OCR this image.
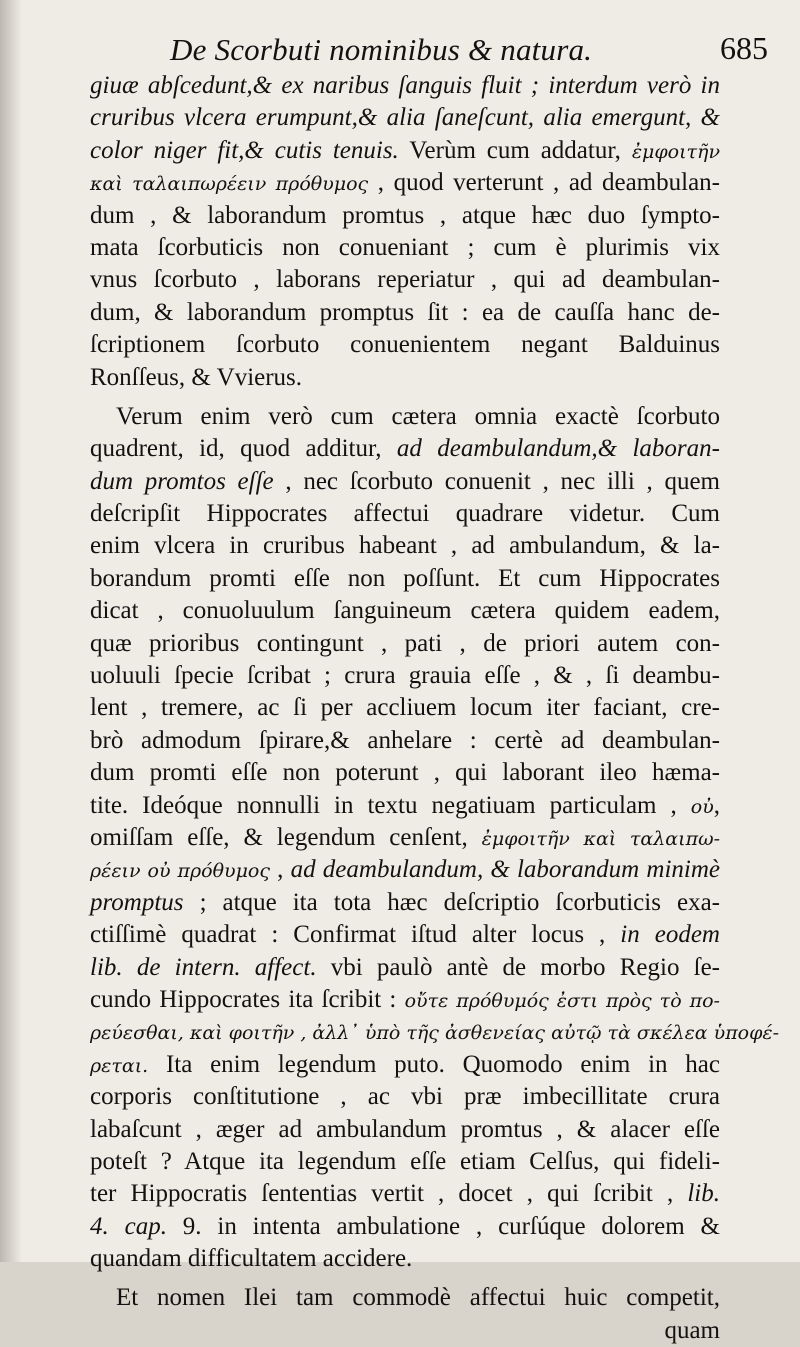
De Scorbuti nominibus & natura.	685
giuæ abſcedunt,& ex naribus ſanguis fluit ; interdum verò in
cruribus vlcera erumpunt,& alia ſaneſcunt, alia emergunt, &
color niger fit,& cutis tenuis. Verùm cum addatur, ἐμφοιτῆν
καὶ ταλαιπωρέειν πρόθυμος , quod verterunt , ad deambulan-
dum , & laborandum promtus , atque hæc duo ſympto-
mata ſcorbuticis non conueniant ; cum è plurimis vix
vnus ſcorbuto , laborans reperiatur , qui ad deambulan-
dum, & laborandum promptus ſit : ea de cauſſa hanc de-
ſcriptionem ſcorbuto conuenientem negant Balduinus
Ronſſeus, & Vvierus.
Verum enim verò cum cætera omnia exactè ſcorbuto
quadrent, id, quod additur, ad deambulandum,& laboran-
dum promtos eſſe , nec ſcorbuto conuenit , nec illi , quem
deſcripſit Hippocrates affectui quadrare videtur. Cum
enim vlcera in cruribus habeant , ad ambulandum, & la-
borandum promti eſſe non poſſunt. Et cum Hippocrates
dicat , conuoluulum ſanguineum cætera quidem eadem,
quæ prioribus contingunt , pati , de priori autem con-
uoluuli ſpecie ſcribat ; crura grauia eſſe , & , ſi deambu-
lent , tremere, ac ſi per accliuem locum iter faciant, cre-
brò admodum ſpirare,& anhelare : certè ad deambulan-
dum promti eſſe non poterunt , qui laborant ileo hæma-
tite. Ideóque nonnulli in textu negatiuam particulam , οὐ,
omiſſam eſſe, & legendum cenſent, ἐμφοιτῆν καὶ ταλαιπω-
ρέειν οὐ πρόθυμος , ad deambulandum, & laborandum minimè
promptus ; atque ita tota hæc deſcriptio ſcorbuticis exa-
ctiſſimè quadrat : Confirmat iſtud alter locus , in eodem
lib. de intern. affect. vbi paulò antè de morbo Regio ſe-
cundo Hippocrates ita ſcribit : οὔτε πρόθυμός ἐστι πρὸς τὸ πο-
ρεύεσθαι, καὶ φοιτῆν , ἀλλ᾽ ὑπὸ τῆς ἀσθενείας αὐτῷ τὰ σκέλεα ὑποφέ-
ρεται. Ita enim legendum puto. Quomodo enim in hac
corporis conſtitutione , ac vbi præ imbecillitate crura
labaſcunt , æger ad ambulandum promtus , & alacer eſſe
poteſt ? Atque ita legendum eſſe etiam Celſus, qui fideli-
ter Hippocratis ſententias vertit , docet , qui ſcribit , lib.
4. cap. 9. in intenta ambulatione , curſúque dolorem &
quandam difficultatem accidere.
Et nomen Ilei tam commodè affectui huic competit,
quam
